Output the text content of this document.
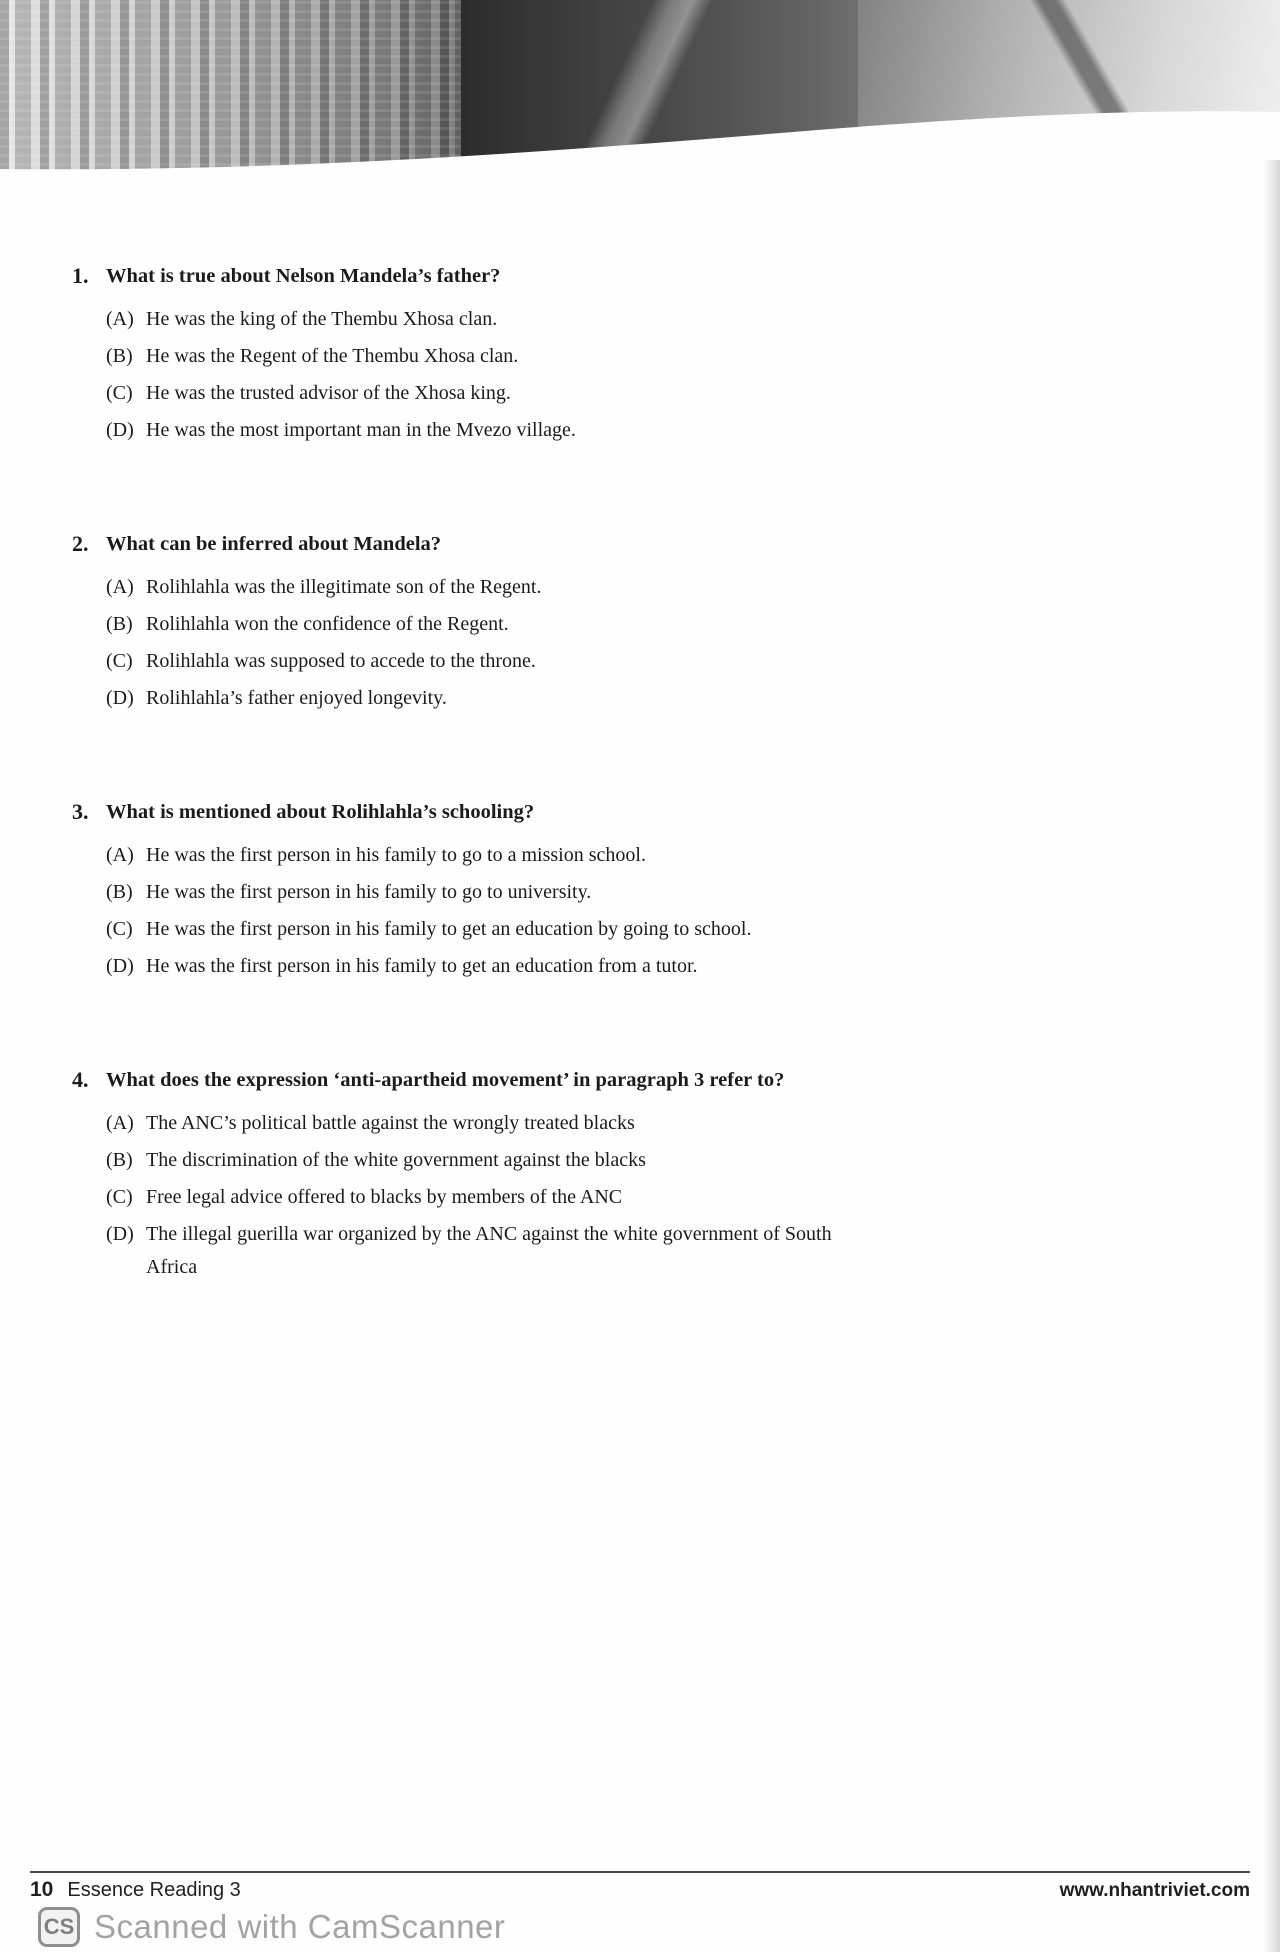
1. What is true about Nelson Mandela’s father?
(A) He was the king of the Thembu Xhosa clan.
(B) He was the Regent of the Thembu Xhosa clan.
(C) He was the trusted advisor of the Xhosa king.
(D) He was the most important man in the Mvezo village.
2. What can be inferred about Mandela?
(A) Rolihlahla was the illegitimate son of the Regent.
(B) Rolihlahla won the confidence of the Regent.
(C) Rolihlahla was supposed to accede to the throne.
(D) Rolihlahla’s father enjoyed longevity.
3. What is mentioned about Rolihlahla’s schooling?
(A) He was the first person in his family to go to a mission school.
(B) He was the first person in his family to go to university.
(C) He was the first person in his family to get an education by going to school.
(D) He was the first person in his family to get an education from a tutor.
4. What does the expression ‘anti-apartheid movement’ in paragraph 3 refer to?
(A) The ANC’s political battle against the wrongly treated blacks
(B) The discrimination of the white government against the blacks
(C) Free legal advice offered to blacks by members of the ANC
(D) The illegal guerilla war organized by the ANC against the white government of South Africa
10 Essence Reading 3	www.nhantriviet.com
CS Scanned with CamScanner
